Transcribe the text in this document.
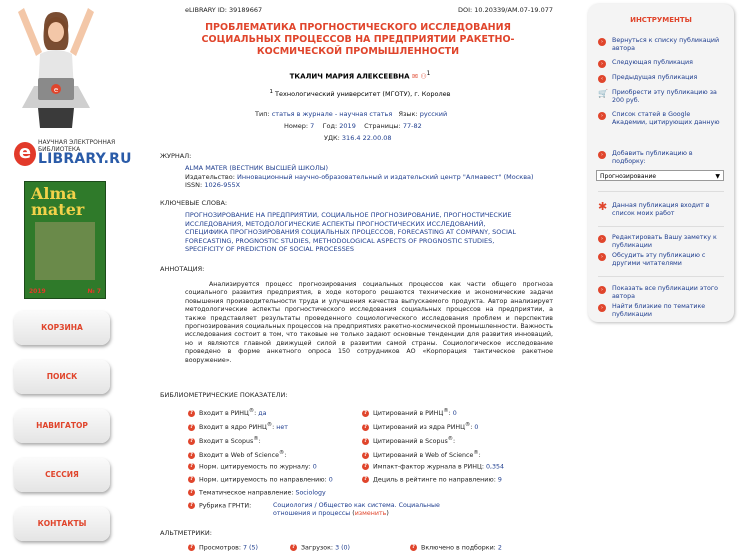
e
e	НАУЧНАЯ ЭЛЕКТРОННАЯ БИБЛИОТЕКА
LIBRARY.RU
Alma mater
2019	№ 7
КОРЗИНА
ПОИСК
НАВИГАТОР
СЕССИЯ
КОНТАКТЫ
eLIBRARY ID: 39189667	DOI: 10.20339/AM.07-19.077
ПРОБЛЕМАТИКА ПРОГНОСТИЧЕСКОГО ИССЛЕДОВАНИЯ СОЦИАЛЬНЫХ ПРОЦЕССОВ НА ПРЕДПРИЯТИИ РАКЕТНО-КОСМИЧЕСКОЙ ПРОМЫШЛЕННОСТИ
ТКАЛИЧ МАРИЯ АЛЕКСЕЕВНА ✉ ⚇$^1$
$^1$ Технологический университет (МГОТУ), г. Королев
Тип: статья в журнале - научная статья Язык: русский
Номер: 7 Год: 2019 Страницы: 77-82
УДК: 316.4 22.00.08
ЖУРНАЛ:
ALMA MATER (ВЕСТНИК ВЫСШЕЙ ШКОЛЫ)
Издательство: Инновационный научно-образовательный и издательский центр "Алмавест" (Москва)
ISSN: 1026-955X
КЛЮЧЕВЫЕ СЛОВА:
ПРОГНОЗИРОВАНИЕ НА ПРЕДПРИЯТИИ, СОЦИАЛЬНОЕ ПРОГНОЗИРОВАНИЕ, ПРОГНОСТИЧЕСКИЕ
ИССЛЕДОВАНИЯ, МЕТОДОЛОГИЧЕСКИЕ АСПЕКТЫ ПРОГНОСТИЧЕСКИХ ИССЛЕДОВАНИЙ,
СПЕЦИФИКА ПРОГНОЗИРОВАНИЯ СОЦИАЛЬНЫХ ПРОЦЕССОВ, FORECASTING AT COMPANY, SOCIAL
FORECASTING, PROGNOSTIC STUDIES, METHODOLOGICAL ASPECTS OF PROGNOSTIC STUDIES,
SPECIFICITY OF PREDICTION OF SOCIAL PROCESSES
АННОТАЦИЯ:
Анализируется процесс прогнозирования социальных процессов как части общего прогноза социального развития предприятия, в ходе которого решаются технические и экономические задачи повышения производительности труда и улучшения качества выпускаемого продукта. Автор анализирует методологические аспекты прогностического исследования социальных процессов на предприятии, а также представляет результаты проведенного социологического исследования проблем и перспектив прогнозирования социальных процессов на предприятиях ракетно-космической промышленности. Важность исследования состоит в том, что таковые не только задают основные тенденции для развития инноваций, но и являются главной движущей силой в развитии самой страны. Социологическое исследование проведено в форме анкетного опроса 150 сотрудников АО «Корпорация тактическое ракетное вооружение».
БИБЛИОМЕТРИЧЕСКИЕ ПОКАЗАТЕЛИ:
? Входит в РИНЦ®: да
? Входит в ядро РИНЦ®: нет
? Входит в Scopus®:
? Входит в Web of Science®:
? Норм. цитируемость по журналу: 0
? Норм. цитируемость по направлению: 0
? Тематическое направление: Sociology
? Цитирований в РИНЦ®: 0
? Цитирований из ядра РИНЦ®: 0
? Цитирований в Scopus®:
? Цитирований в Web of Science®:
? Импакт-фактор журнала в РИНЦ: 0,354
? Дециль в рейтинге по направлению: 9
? Рубрика ГРНТИ:	Социология / Общество как система. Социальные отношения и процессы (изменить)
АЛЬТМЕТРИКИ:
? Просмотров: 7 (5)	? Загрузок: 3 (0)	? Включено в подборки: 2
ИНСТРУМЕНТЫ
›	Вернуться к списку публикаций автора
›	Следующая публикация
‹	Предыдущая публикация
🛒 Приобрести эту публикацию за 200 руб.
›	Список статей в Google Академии, цитирующих данную
›	Добавить публикацию в подборку:
Прогнозирование	▼
✱ Данная публикация входит в список моих работ
›	Редактировать Вашу заметку к публикации
›	Обсудить эту публикацию с другими читателями
›	Показать все публикации этого автора
›	Найти близкие по тематике публикации
